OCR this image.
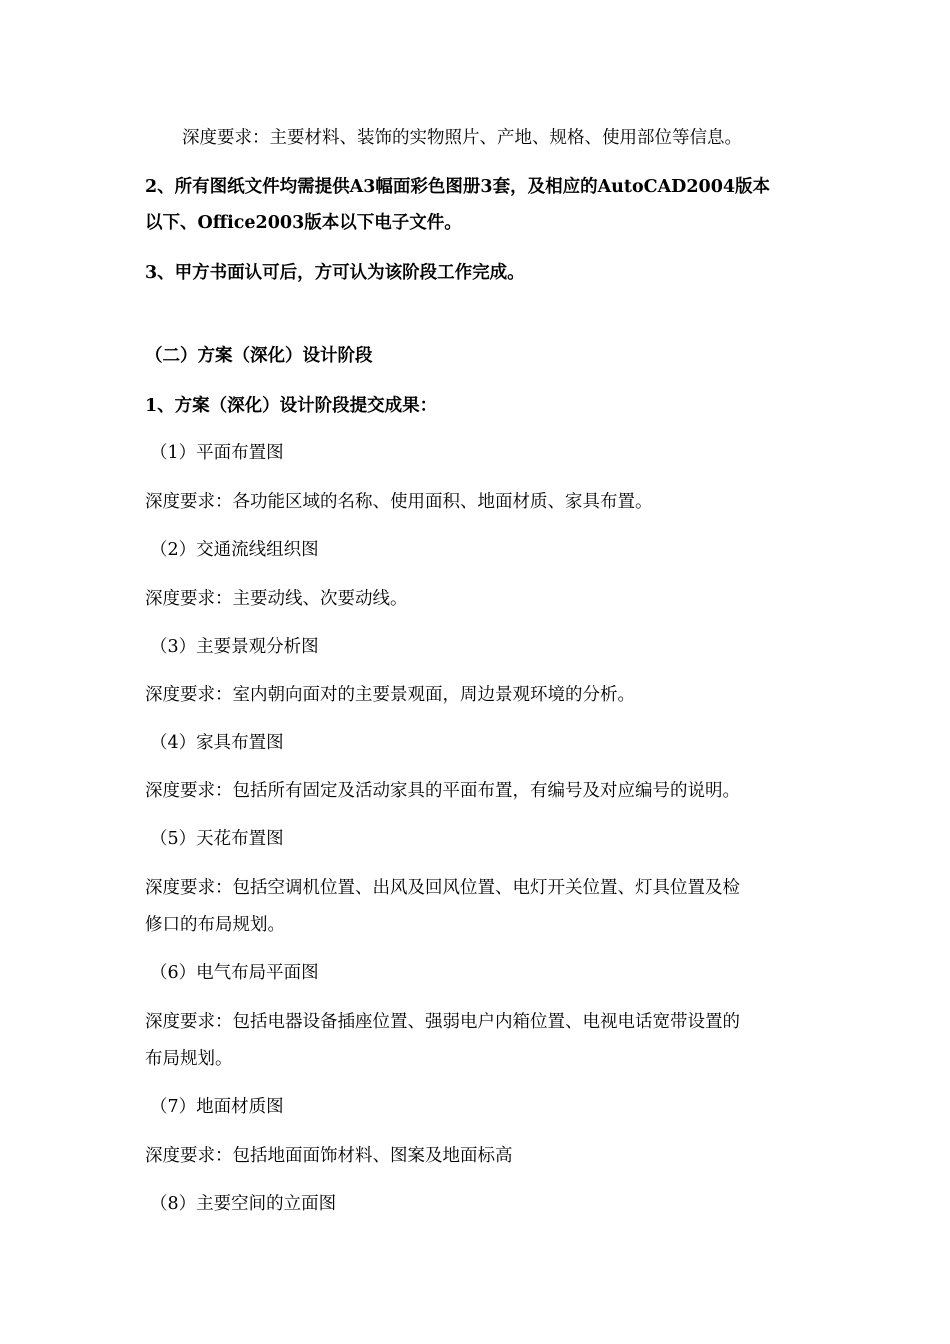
深度要求：主要材料、装饰的实物照片、产地、规格、使用部位等信息。
2、所有图纸文件均需提供A3幅面彩色图册3套，及相应的AutoCAD2004版本
以下、Office2003版本以下电子文件。
3、甲方书面认可后，方可认为该阶段工作完成。
（二）方案（深化）设计阶段
1、方案（深化）设计阶段提交成果：
（1）平面布置图
深度要求：各功能区域的名称、使用面积、地面材质、家具布置。
（2）交通流线组织图
深度要求：主要动线、次要动线。
（3）主要景观分析图
深度要求：室内朝向面对的主要景观面，周边景观环境的分析。
（4）家具布置图
深度要求：包括所有固定及活动家具的平面布置，有编号及对应编号的说明。
（5）天花布置图
深度要求：包括空调机位置、出风及回风位置、电灯开关位置、灯具位置及检
修口的布局规划。
（6）电气布局平面图
深度要求：包括电器设备插座位置、强弱电户内箱位置、电视电话宽带设置的
布局规划。
（7）地面材质图
深度要求：包括地面面饰材料、图案及地面标高
（8）主要空间的立面图
